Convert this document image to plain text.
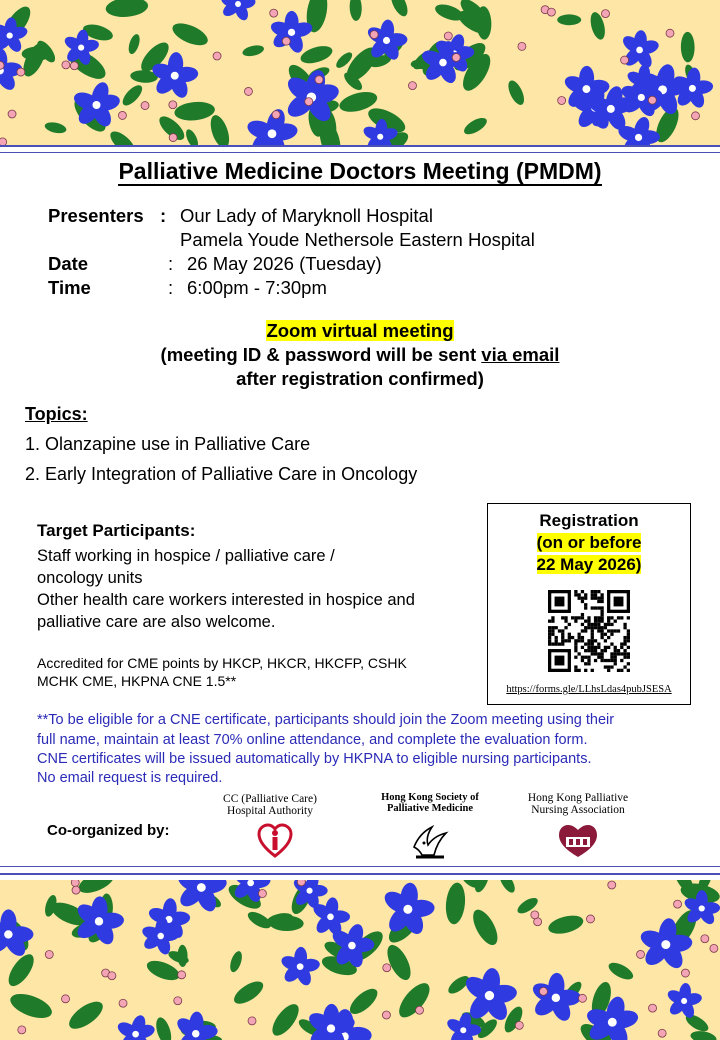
Palliative Medicine Doctors Meeting (PMDM)
Presenters : Our Lady of Maryknoll Hospital
Pamela Youde Nethersole Eastern Hospital
Date	: 26 May 2026 (Tuesday)
Time	: 6:00pm - 7:30pm
Zoom virtual meeting
(meeting ID & password will be sent via email
after registration confirmed)
Topics:
1. Olanzapine use in Palliative Care
2. Early Integration of Palliative Care in Oncology
Target Participants:
Staff working in hospice / palliative care /
oncology units
Other health care workers interested in hospice and
palliative care are also welcome.
Accredited for CME points by HKCP, HKCR, HKCFP, CSHK
MCHK CME, HKPNA CNE 1.5**
Registration
(on or before
22 May 2026)
https://forms.gle/LLhsLdas4pubJSESA
**To be eligible for a CNE certificate, participants should join the Zoom meeting using their
full name, maintain at least 70% online attendance, and complete the evaluation form.
CNE certificates will be issued automatically by HKPNA to eligible nursing participants.
No email request is required.
Co-organized by:
CC (Palliative Care)
Hospital Authority
Hong Kong Society of
Palliative Medicine
Hong Kong Palliative
Nursing Association
